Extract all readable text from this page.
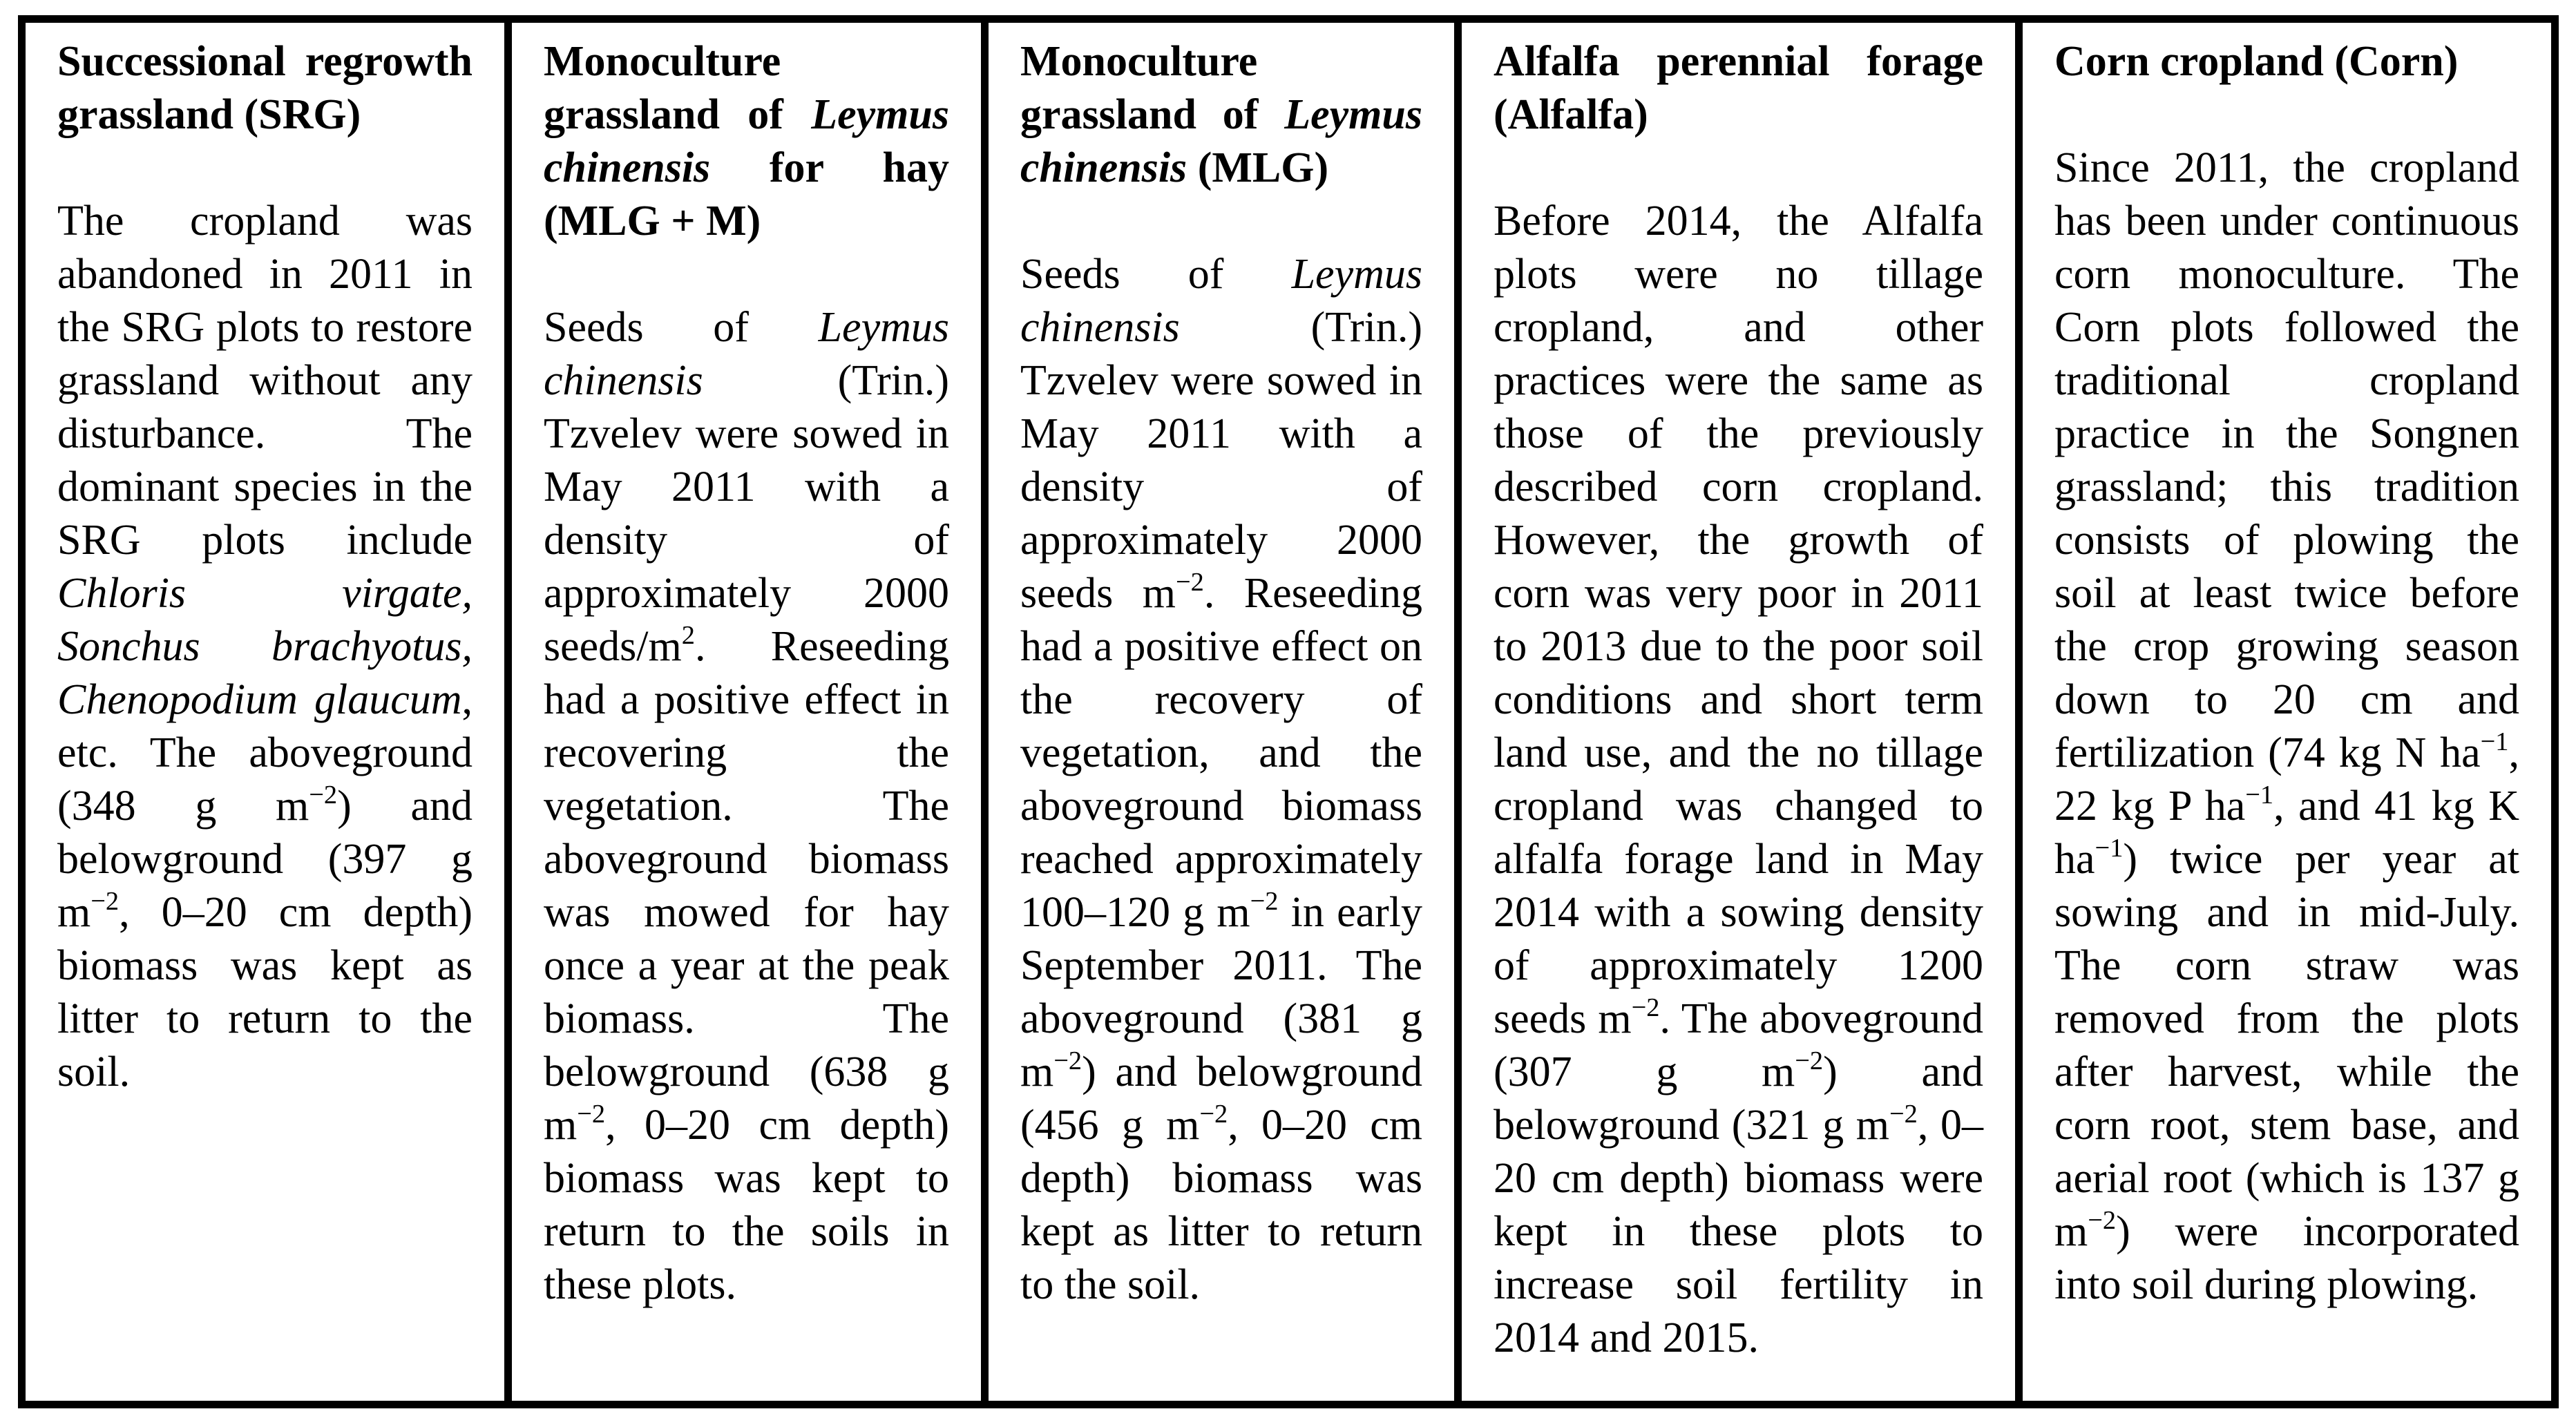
Successional regrowth grassland (SRG)

The cropland was abandoned in 2011 in the SRG plots to restore grassland without any disturbance. The dominant species in the SRG plots include Chloris virgate, Sonchus brachyotus, Chenopodium glaucum, etc. The aboveground (348 g $m^{-2}$) and belowground (397 g $m^{-2}$, 0–20 cm depth) biomass was kept as litter to return to the soil.

Monoculture grassland of Leymus chinensis for hay (MLG + M)

Seeds of Leymus chinensis (Trin.) Tzvelev were sowed in May 2011 with a density of approximately 2000 seeds/$m^2$. Reseeding had a positive effect in recovering the vegetation. The aboveground biomass was mowed for hay once a year at the peak biomass. The belowground (638 g $m^{-2}$, 0–20 cm depth) biomass was kept to return to the soils in these plots.

Monoculture grassland of Leymus chinensis (MLG)

Seeds of Leymus chinensis (Trin.) Tzvelev were sowed in May 2011 with a density of approximately 2000 seeds $m^{-2}$. Reseeding had a positive effect on the recovery of vegetation, and the aboveground biomass reached approximately 100–120 g $m^{-2}$ in early September 2011. The aboveground (381 g $m^{-2}$) and belowground (456 g $m^{-2}$, 0–20 cm depth) biomass was kept as litter to return to the soil.

Alfalfa perennial forage (Alfalfa)

Before 2014, the Alfalfa plots were no tillage cropland, and other practices were the same as those of the previously described corn cropland. However, the growth of corn was very poor in 2011 to 2013 due to the poor soil conditions and short term land use, and the no tillage cropland was changed to alfalfa forage land in May 2014 with a sowing density of approximately 1200 seeds $m^{-2}$. The aboveground (307 g $m^{-2}$) and belowground (321 g $m^{-2}$, 0–20 cm depth) biomass were kept in these plots to increase soil fertility in 2014 and 2015.

Corn cropland (Corn)

Since 2011, the cropland has been under continuous corn monoculture. The Corn plots followed the traditional cropland practice in the Songnen grassland; this tradition consists of plowing the soil at least twice before the crop growing season down to 20 cm and fertilization (74 kg N $ha^{-1}$, 22 kg P $ha^{-1}$, and 41 kg K $ha^{-1}$) twice per year at sowing and in mid-July. The corn straw was removed from the plots after harvest, while the corn root, stem base, and aerial root (which is 137 g $m^{-2}$) were incorporated into soil during plowing.
